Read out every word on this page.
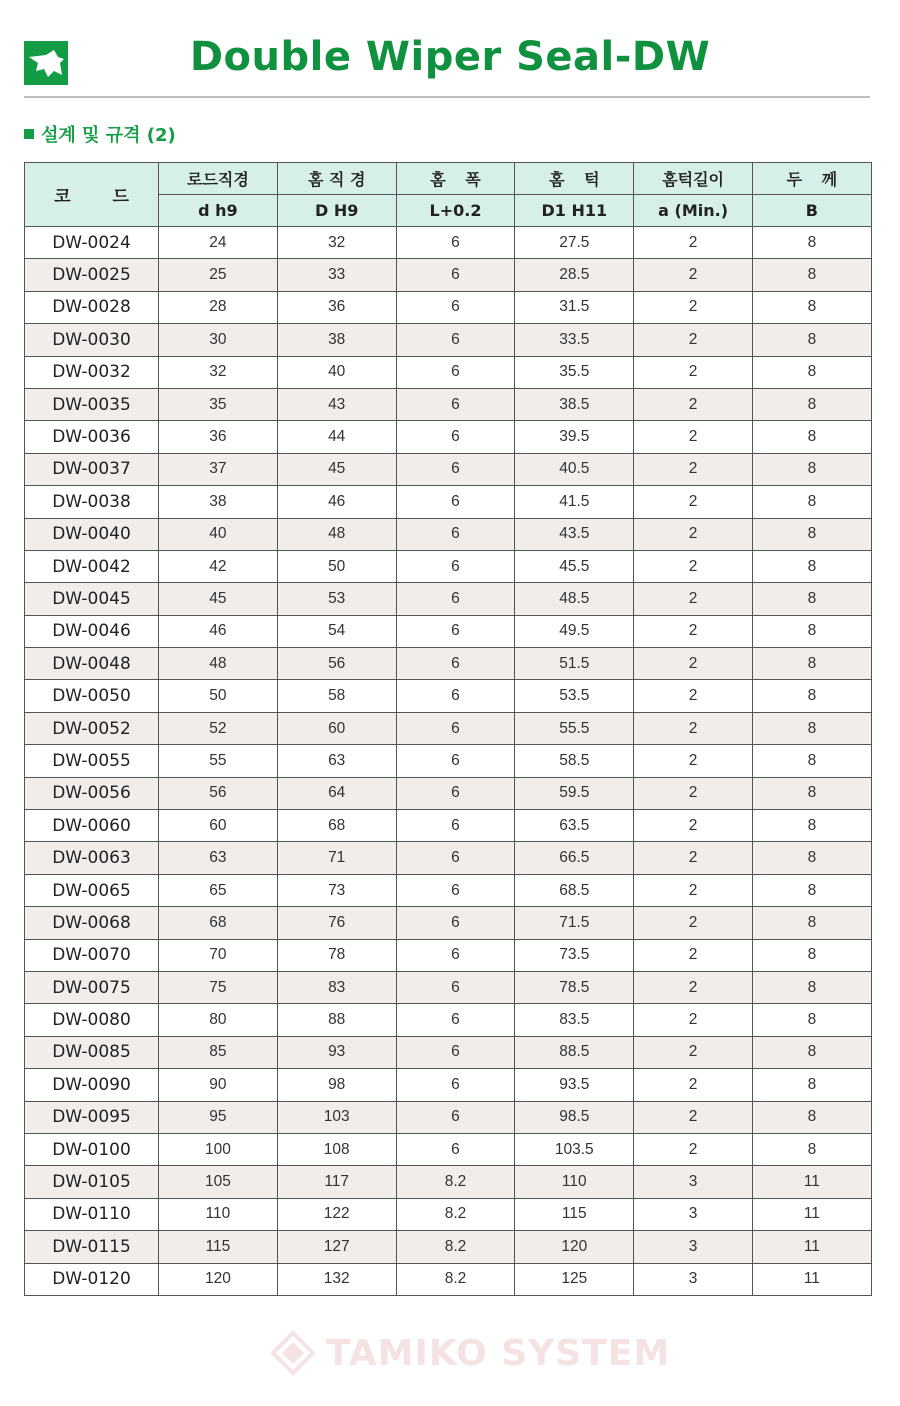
Double Wiper Seal-DW
설계 및 규격 (2)
코 드	로드직경	홈 직 경	홈 폭	홈 턱	홈턱길이	두 께
	d h9	D H9	L+0.2	D1 H11	a (Min.)	B
DW-0024	24	32	6	27.5	2	8
DW-0025	25	33	6	28.5	2	8
DW-0028	28	36	6	31.5	2	8
DW-0030	30	38	6	33.5	2	8
DW-0032	32	40	6	35.5	2	8
DW-0035	35	43	6	38.5	2	8
DW-0036	36	44	6	39.5	2	8
DW-0037	37	45	6	40.5	2	8
DW-0038	38	46	6	41.5	2	8
DW-0040	40	48	6	43.5	2	8
DW-0042	42	50	6	45.5	2	8
DW-0045	45	53	6	48.5	2	8
DW-0046	46	54	6	49.5	2	8
DW-0048	48	56	6	51.5	2	8
DW-0050	50	58	6	53.5	2	8
DW-0052	52	60	6	55.5	2	8
DW-0055	55	63	6	58.5	2	8
DW-0056	56	64	6	59.5	2	8
DW-0060	60	68	6	63.5	2	8
DW-0063	63	71	6	66.5	2	8
DW-0065	65	73	6	68.5	2	8
DW-0068	68	76	6	71.5	2	8
DW-0070	70	78	6	73.5	2	8
DW-0075	75	83	6	78.5	2	8
DW-0080	80	88	6	83.5	2	8
DW-0085	85	93	6	88.5	2	8
DW-0090	90	98	6	93.5	2	8
DW-0095	95	103	6	98.5	2	8
DW-0100	100	108	6	103.5	2	8
DW-0105	105	117	8.2	110	3	11
DW-0110	110	122	8.2	115	3	11
DW-0115	115	127	8.2	120	3	11
DW-0120	120	132	8.2	125	3	11
TAMIKO SYSTEM
